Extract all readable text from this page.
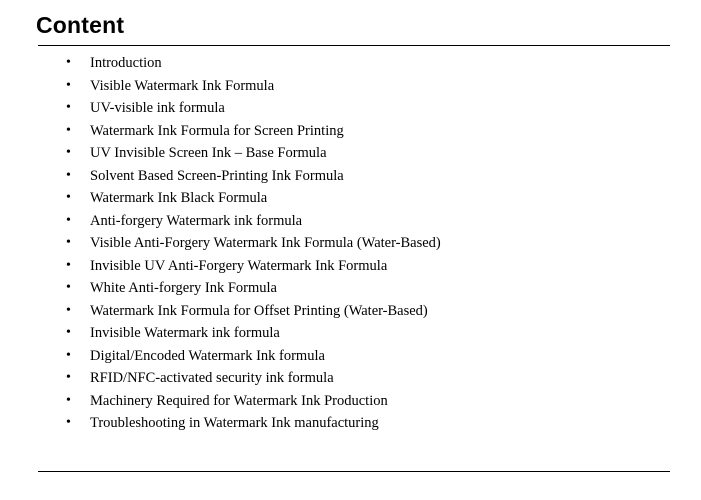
Content
• Introduction
• Visible Watermark Ink Formula
• UV-visible ink formula
• Watermark Ink Formula for Screen Printing
• UV Invisible Screen Ink – Base Formula
• Solvent Based Screen-Printing Ink Formula
• Watermark Ink Black Formula
• Anti-forgery Watermark ink formula
• Visible Anti-Forgery Watermark Ink Formula (Water-Based)
• Invisible UV Anti-Forgery Watermark Ink Formula
• White Anti-forgery Ink Formula
• Watermark Ink Formula for Offset Printing (Water-Based)
• Invisible Watermark ink formula
• Digital/Encoded Watermark Ink formula
• RFID/NFC-activated security ink formula
• Machinery Required for Watermark Ink Production
• Troubleshooting in Watermark Ink manufacturing
